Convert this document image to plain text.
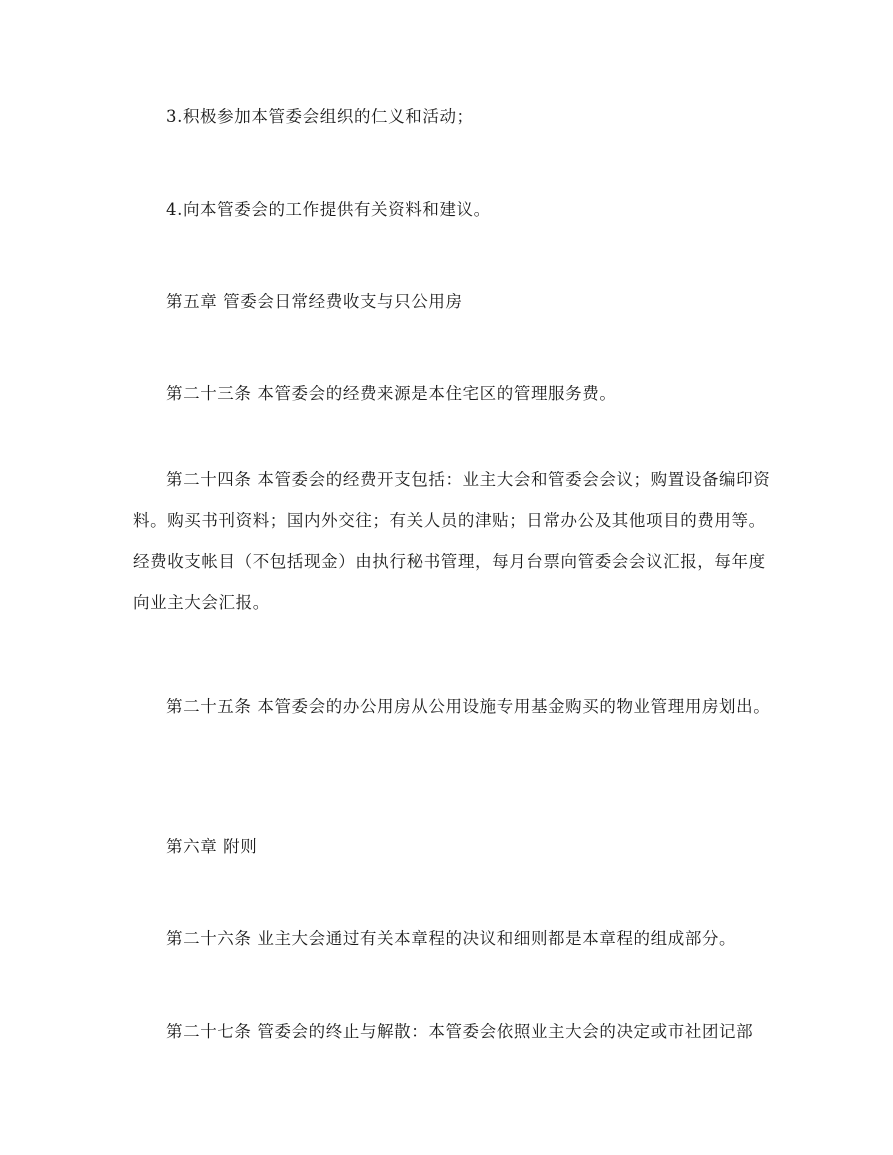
3.积极参加本管委会组织的仁义和活动；

4.向本管委会的工作提供有关资料和建议。

第五章 管委会日常经费收支与只公用房

第二十三条 本管委会的经费来源是本住宅区的管理服务费。

第二十四条 本管委会的经费开支包括：业主大会和管委会会议；购置设备编印资料。购买书刊资料；国内外交往；有关人员的津贴；日常办公及其他项目的费用等。经费收支帐目（不包括现金）由执行秘书管理，每月台票向管委会会议汇报，每年度向业主大会汇报。

第二十五条 本管委会的办公用房从公用设施专用基金购买的物业管理用房划出。

第六章 附则

第二十六条 业主大会通过有关本章程的决议和细则都是本章程的组成部分。

第二十七条 管委会的终止与解散：本管委会依照业主大会的决定或市社团记部
